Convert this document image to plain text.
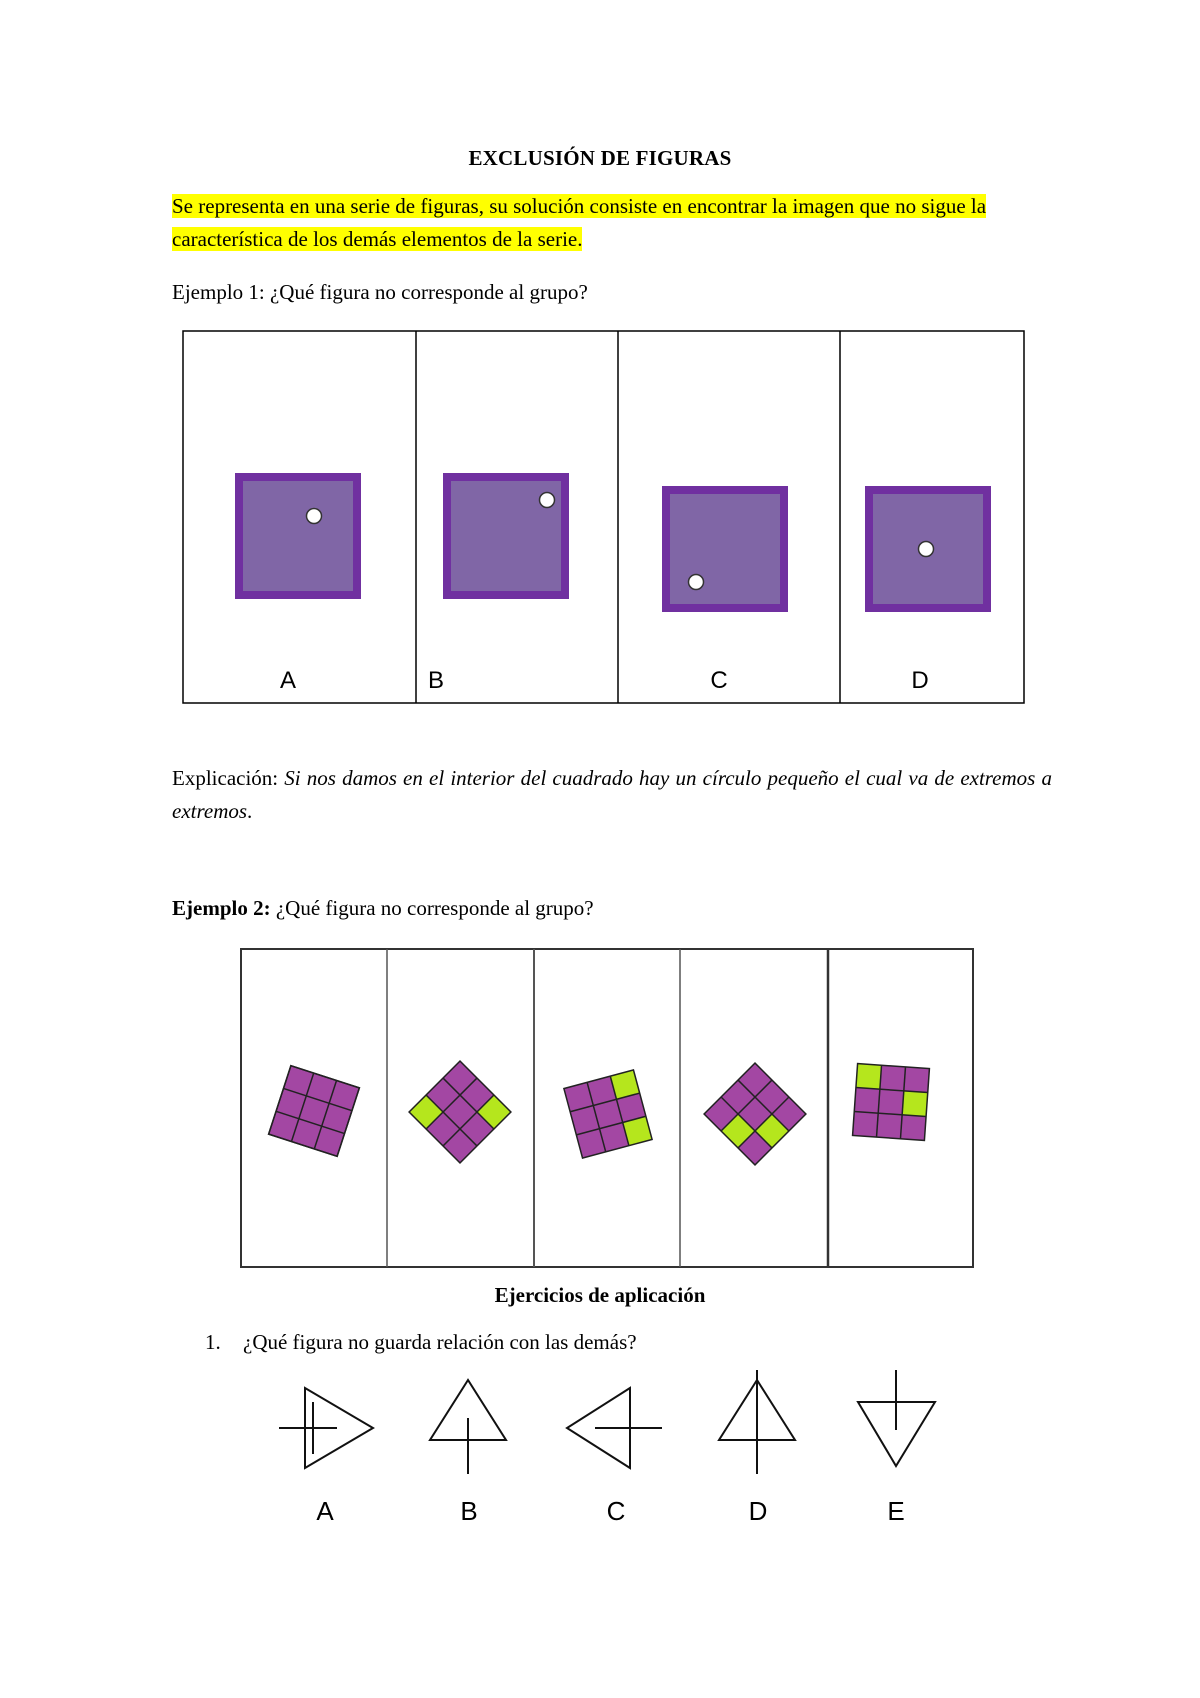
EXCLUSIÓN DE FIGURAS
Se representa en una serie de figuras, su solución consiste en encontrar la imagen que no sigue la característica de los demás elementos de la serie.
Ejemplo 1: ¿Qué figura no corresponde al grupo?
A	B	C	D
Explicación: Si nos damos en el interior del cuadrado hay un círculo pequeño el cual va de extremos a extremos.
Ejemplo 2: ¿Qué figura no corresponde al grupo?
Ejercicios de aplicación
1. ¿Qué figura no guarda relación con las demás?
A	B	C	D	E
